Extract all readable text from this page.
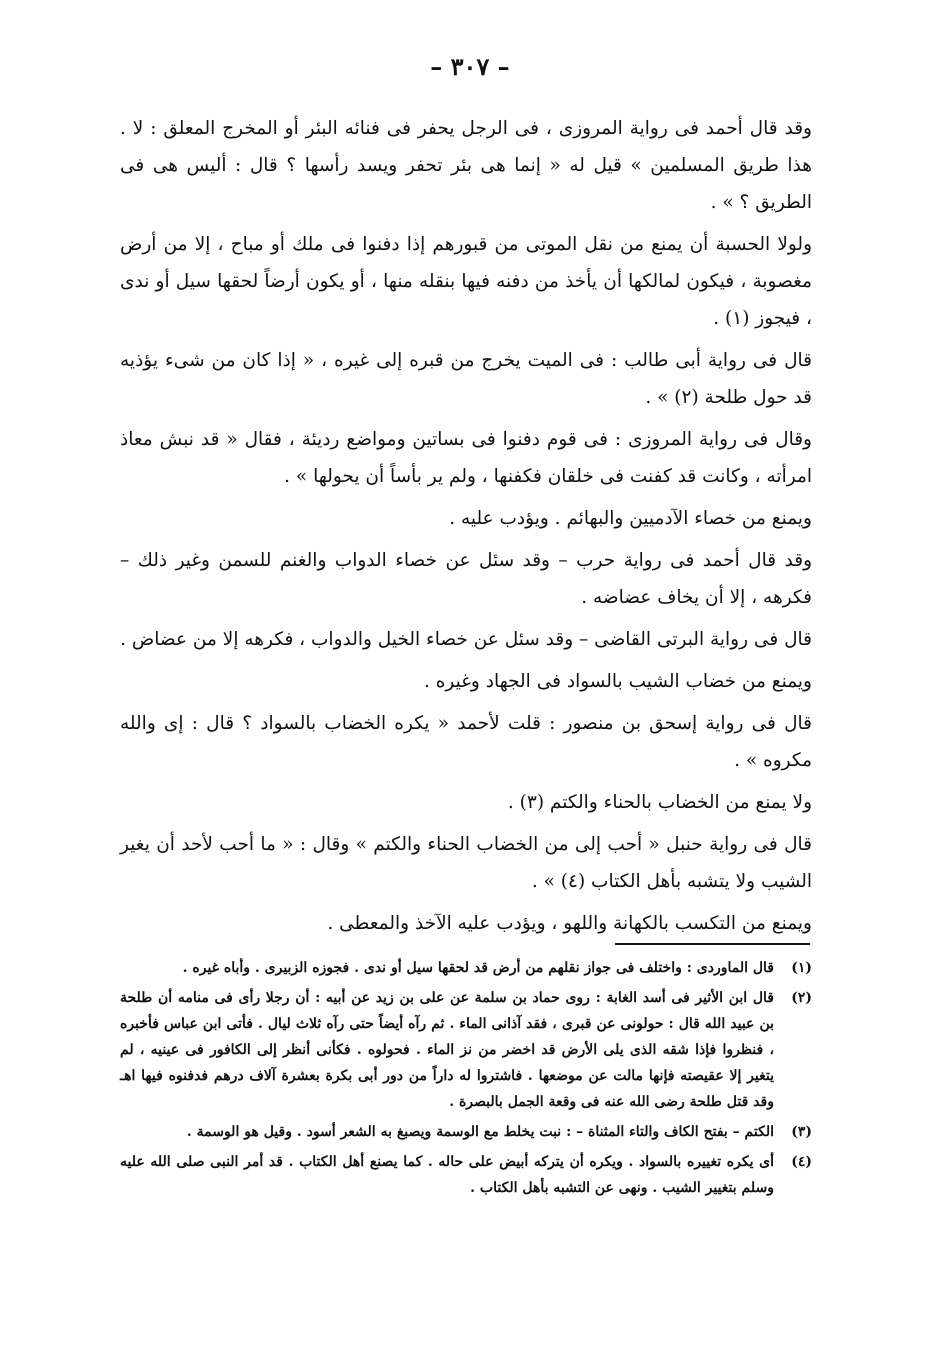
– ٣٠٧ –

وقد قال أحمد فى رواية المروزى ، فى الرجل يحفر فى فنائه البئر أو المخرج المعلق : لا . هذا طريق المسلمين » قيل له « إنما هى بئر تحفر ويسد رأسها ؟ قال : أليس هى فى الطريق ؟ » .

ولولا الحسبة أن يمنع من نقل الموتى من قبورهم إذا دفنوا فى ملك أو مباح ، إلا من أرض مغصوبة ، فيكون لمالكها أن يأخذ من دفنه فيها بنقله منها ، أو يكون أرضاً لحقها سيل أو ندى ، فيجوز (١) .

قال فى رواية أبى طالب : فى الميت يخرج من قبره إلى غيره ، « إذا كان من شىء يؤذيه قد حول طلحة (٢) » .

وقال فى رواية المروزى : فى قوم دفنوا فى بساتين ومواضع رديئة ، فقال « قد نبش معاذ امرأته ، وكانت قد كفنت فى خلقان فكفنها ، ولم ير بأساً أن يحولها » .

ويمنع من خصاء الآدميين والبهائم . ويؤدب عليه .

وقد قال أحمد فى رواية حرب – وقد سئل عن خصاء الدواب والغنم للسمن وغير ذلك – فكرهه ، إلا أن يخاف عضاضه .

قال فى رواية البرتى القاضى – وقد سئل عن خصاء الخيل والدواب ، فكرهه إلا من عضاض .

ويمنع من خضاب الشيب بالسواد فى الجهاد وغيره .

قال فى رواية إسحق بن منصور : قلت لأحمد « يكره الخضاب بالسواد ؟ قال : إى والله مكروه » .

ولا يمنع من الخضاب بالحناء والكتم (٣) .

قال فى رواية حنبل « أحب إلى من الخضاب الحناء والكتم » وقال : « ما أحب لأحد أن يغير الشيب ولا يتشبه بأهل الكتاب (٤) » .

ويمنع من التكسب بالكهانة واللهو ، ويؤدب عليه الآخذ والمعطى .

(١)
قال الماوردى : واختلف فى جواز نقلهم من أرض قد لحقها سيل أو ندى . فجوزه الزبيرى . وأباه غيره .
(٢)
قال ابن الأثير فى أسد الغابة : روى حماد بن سلمة عن على بن زيد عن أبيه : أن رجلا رأى فى منامه أن طلحة بن عبيد الله قال : حولونى عن قبرى ، فقد آذانى الماء . ثم رآه أيضاً حتى رآه ثلاث ليال . فأتى ابن عباس فأخبره ، فنظروا فإذا شقه الذى يلى الأرض قد اخضر من نز الماء . فحولوه . فكأنى أنظر إلى الكافور فى عينيه ، لم يتغير إلا عقيصته فإنها مالت عن موضعها . فاشتروا له داراً من دور أبى بكرة بعشرة آلاف درهم فدفنوه فيها اهـ وقد قتل طلحة رضى الله عنه فى وقعة الجمل بالبصرة .
(٣)
الكتم – بفتح الكاف والتاء المثناة – : نبت يخلط مع الوسمة ويصبغ به الشعر أسود . وقيل هو الوسمة .
(٤)
أى يكره تغييره بالسواد . ويكره أن يتركه أبيض على حاله . كما يصنع أهل الكتاب . قد أمر النبى صلى الله عليه وسلم بتغيير الشيب . ونهى عن التشبه بأهل الكتاب .
